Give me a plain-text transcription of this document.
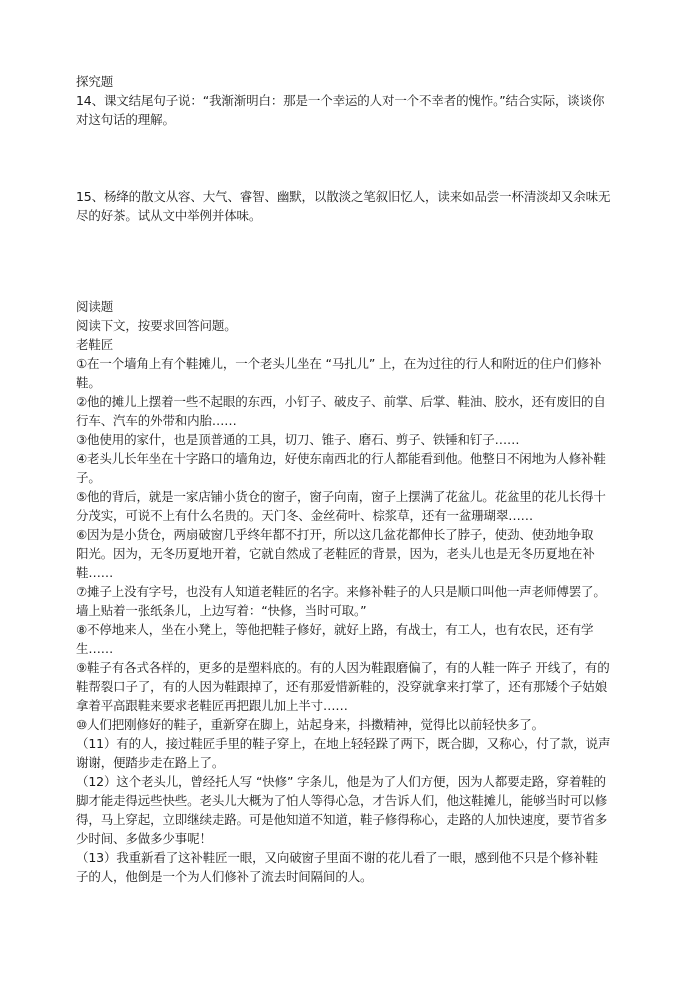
探究题
14、课文结尾句子说：“我渐渐明白：那是一个幸运的人对一个不幸者的愧怍。”结合实际，谈谈你
对这句话的理解。
15、杨绛的散文从容、大气、睿智、幽默，以散淡之笔叙旧忆人，读来如品尝一杯清淡却又余味无
尽的好茶。试从文中举例并体味。
阅读题
阅读下文，按要求回答问题。
老鞋匠
①在一个墙角上有个鞋摊儿，一个老头儿坐在 “马扎儿” 上，在为过往的行人和附近的住户们修补
鞋。
②他的摊儿上摆着一些不起眼的东西，小钉子、破皮子、前掌、后掌、鞋油、胶水，还有废旧的自
行车、汽车的外带和内胎……
③他使用的家什，也是顶普通的工具，切刀、锥子、磨石、剪子、铁锤和钉子……
④老头儿长年坐在十字路口的墙角边，好使东南西北的行人都能看到他。他整日不闲地为人修补鞋
子。
⑤他的背后，就是一家店铺小货仓的窗子，窗子向南，窗子上摆满了花盆儿。花盆里的花儿长得十
分茂实，可说不上有什么名贵的。天门冬、金丝荷叶、棕浆草，还有一盆珊瑚翠……
⑥因为是小货仓，两扇破窗几乎终年都不打开，所以这几盆花都伸长了脖子，使劲、使劲地争取
阳光。因为，无冬历夏地开着，它就自然成了老鞋匠的背景，因为，老头儿也是无冬历夏地在补
鞋……
⑦摊子上没有字号，也没有人知道老鞋匠的名字。来修补鞋子的人只是顺口叫他一声老师傅罢了。
墙上贴着一张纸条儿，上边写着：“快修，当时可取。”
⑧不停地来人，坐在小凳上，等他把鞋子修好，就好上路，有战士，有工人，也有农民，还有学
生……
⑨鞋子有各式各样的，更多的是塑料底的。有的人因为鞋跟磨偏了，有的人鞋一阵子 开线了，有的
鞋帮裂口子了，有的人因为鞋跟掉了，还有那爱惜新鞋的，没穿就拿来打掌了，还有那矮个子姑娘
拿着平高跟鞋来要求老鞋匠再把跟儿加上半寸……
⑩人们把刚修好的鞋子，重新穿在脚上，站起身来，抖擞精神，觉得比以前轻快多了。
（11）有的人，接过鞋匠手里的鞋子穿上，在地上轻轻跺了两下，既合脚，又称心，付了款，说声
谢谢，便踏步走在路上了。
（12）这个老头儿，曾经托人写 “快修” 字条儿，他是为了人们方便，因为人都要走路，穿着鞋的
脚才能走得远些快些。老头儿大概为了怕人等得心急，才告诉人们，他这鞋摊儿，能够当时可以修
得，马上穿起，立即继续走路。可是他知道不知道，鞋子修得称心，走路的人加快速度，要节省多
少时间、多做多少事呢！
（13）我重新看了这补鞋匠一眼，又向破窗子里面不谢的花儿看了一眼，感到他不只是个修补鞋
子的人，他倒是一个为人们修补了流去时间隔间的人。
